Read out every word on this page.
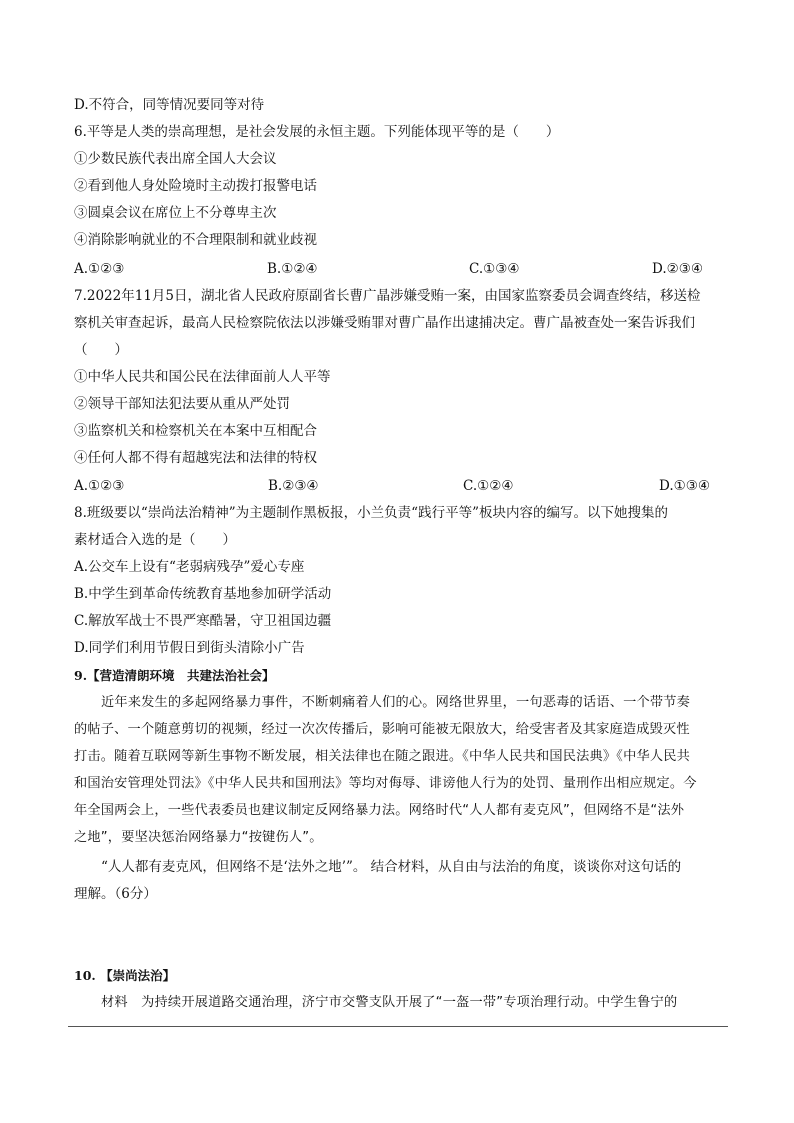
D.不符合，同等情况要同等对待
6.平等是人类的崇高理想，是社会发展的永恒主题。下列能体现平等的是（　　）
①少数民族代表出席全国人大会议
②看到他人身处险境时主动拨打报警电话
③圆桌会议在席位上不分尊卑主次
④消除影响就业的不合理限制和就业歧视
A.①②③	B.①②④	C.①③④	D.②③④
7.2022年11月5日，湖北省人民政府原副省长曹广晶涉嫌受贿一案，由国家监察委员会调查终结，移送检
察机关审查起诉，最高人民检察院依法以涉嫌受贿罪对曹广晶作出逮捕决定。曹广晶被查处一案告诉我们
（　　）
①中华人民共和国公民在法律面前人人平等
②领导干部知法犯法要从重从严处罚
③监察机关和检察机关在本案中互相配合
④任何人都不得有超越宪法和法律的特权
A.①②③	B.②③④	C.①②④	D.①③④
8.班级要以“崇尚法治精神”为主题制作黑板报，小兰负责“践行平等”板块内容的编写。以下她搜集的
素材适合入选的是（　　）
A.公交车上设有“老弱病残孕”爱心专座
B.中学生到革命传统教育基地参加研学活动
C.解放军战士不畏严寒酷暑，守卫祖国边疆
D.同学们利用节假日到街头清除小广告
9.【营造清朗环境　共建法治社会】
近年来发生的多起网络暴力事件，不断刺痛着人们的心。网络世界里，一句恶毒的话语、一个带节奏
的帖子、一个随意剪切的视频，经过一次次传播后，影响可能被无限放大，给受害者及其家庭造成毁灭性
打击。随着互联网等新生事物不断发展，相关法律也在随之跟进。《中华人民共和国民法典》《中华人民共
和国治安管理处罚法》《中华人民共和国刑法》等均对侮辱、诽谤他人行为的处罚、量刑作出相应规定。今
年全国两会上，一些代表委员也建议制定反网络暴力法。网络时代“人人都有麦克风”，但网络不是“法外
之地”，要坚决惩治网络暴力“按键伤人”。
“人人都有麦克风，但网络不是‘法外之地’”。 结合材料，从自由与法治的角度，谈谈你对这句话的
理解。（6分）
10. 【崇尚法治】
材料　为持续开展道路交通治理，济宁市交警支队开展了“一盔一带”专项治理行动。中学生鲁宁的
